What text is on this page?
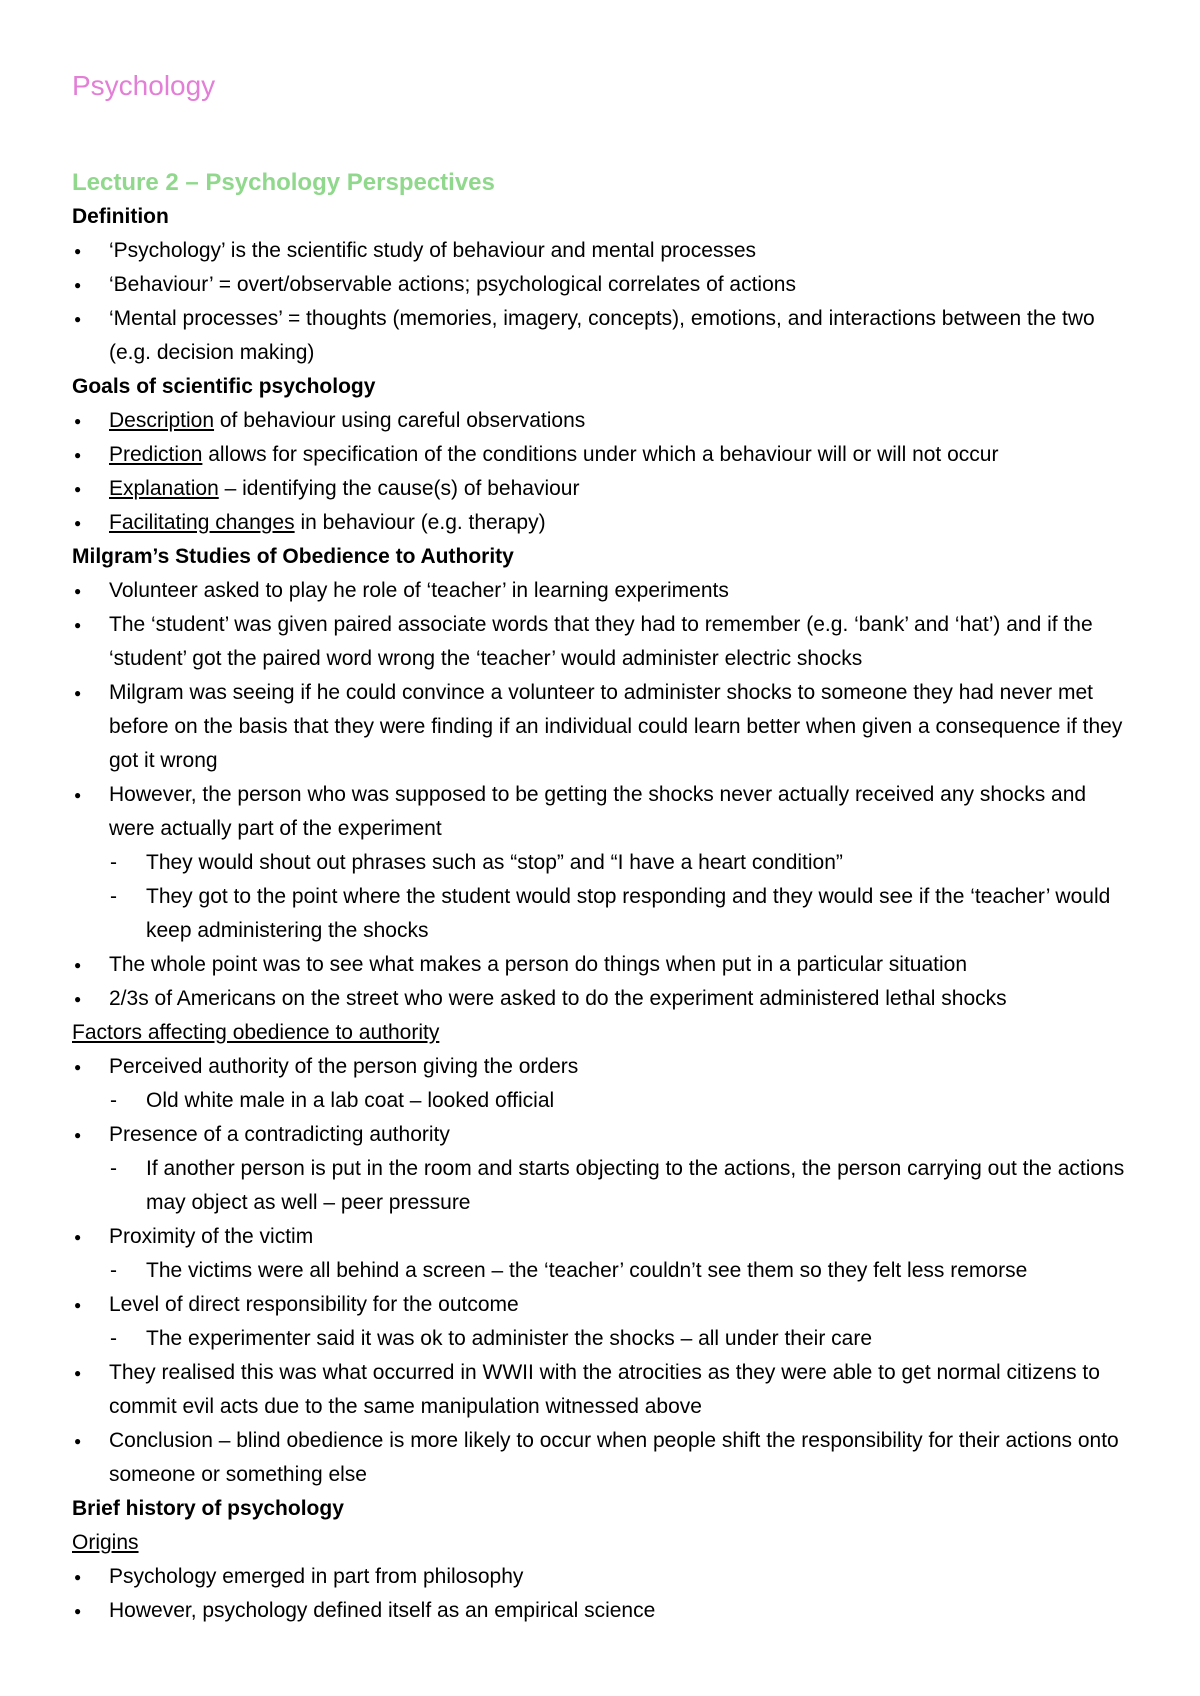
Psychology
Lecture 2 – Psychology Perspectives
Definition
● ‘Psychology’ is the scientific study of behaviour and mental processes
● ‘Behaviour’ = overt/observable actions; psychological correlates of actions
● ‘Mental processes’ = thoughts (memories, imagery, concepts), emotions, and interactions between the two (e.g. decision making)
Goals of scientific psychology
● Description of behaviour using careful observations
● Prediction allows for specification of the conditions under which a behaviour will or will not occur
● Explanation – identifying the cause(s) of behaviour
● Facilitating changes in behaviour (e.g. therapy)
Milgram’s Studies of Obedience to Authority
● Volunteer asked to play he role of ‘teacher’ in learning experiments
● The ‘student’ was given paired associate words that they had to remember (e.g. ‘bank’ and ‘hat’) and if the ‘student’ got the paired word wrong the ‘teacher’ would administer electric shocks
● Milgram was seeing if he could convince a volunteer to administer shocks to someone they had never met before on the basis that they were finding if an individual could learn better when given a consequence if they got it wrong
● However, the person who was supposed to be getting the shocks never actually received any shocks and were actually part of the experiment
- They would shout out phrases such as “stop” and “I have a heart condition”
- They got to the point where the student would stop responding and they would see if the ‘teacher’ would keep administering the shocks
● The whole point was to see what makes a person do things when put in a particular situation
● 2/3s of Americans on the street who were asked to do the experiment administered lethal shocks
Factors affecting obedience to authority
● Perceived authority of the person giving the orders
- Old white male in a lab coat – looked official
● Presence of a contradicting authority
- If another person is put in the room and starts objecting to the actions, the person carrying out the actions may object as well – peer pressure
● Proximity of the victim
- The victims were all behind a screen – the ‘teacher’ couldn’t see them so they felt less remorse
● Level of direct responsibility for the outcome
- The experimenter said it was ok to administer the shocks – all under their care
● They realised this was what occurred in WWII with the atrocities as they were able to get normal citizens to commit evil acts due to the same manipulation witnessed above
● Conclusion – blind obedience is more likely to occur when people shift the responsibility for their actions onto someone or something else
Brief history of psychology
Origins
● Psychology emerged in part from philosophy
● However, psychology defined itself as an empirical science
